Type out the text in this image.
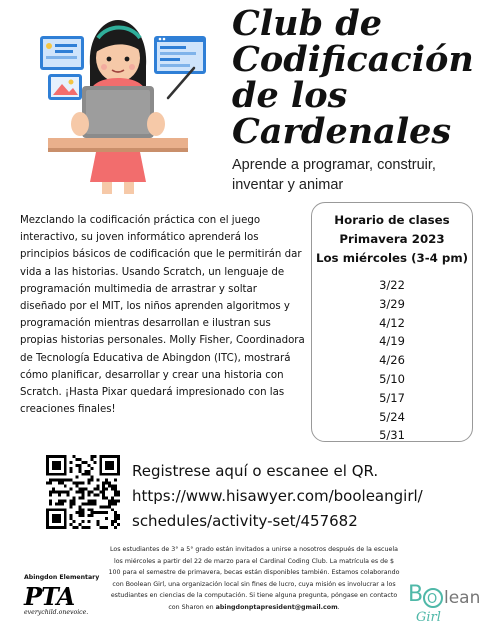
Club de
Codificación
de los
Cardenales

Aprende a programar, construir, inventar y animar

Mezclando la codificación práctica con el juego interactivo, su joven informático aprenderá los principios básicos de codificación que le permitirán dar vida a las historias. Usando Scratch, un lenguaje de programación multimedia de arrastrar y soltar diseñado por el MIT, los niños aprenden algoritmos y programación mientras desarrollan e ilustran sus propias historias personales. Molly Fisher, Coordinadora de Tecnología Educativa de Abingdon (ITC), mostrará cómo planificar, desarrollar y crear una historia con Scratch. ¡Hasta Pixar quedará impresionado con las creaciones finales!

Horario de clases
Primavera 2023
Los miércoles (3-4 pm)
3/22
3/29
4/12
4/19
4/26
5/10
5/17
5/24
5/31

Registrese aquí o escanee el QR.
https://www.hisawyer.com/booleangirl/
schedules/activity-set/457682

Los estudiantes de 3° a 5° grado están invitados a unirse a nosotros después de la escuela los miércoles a partir del 22 de marzo para el Cardinal Coding Club. La matrícula es de $ 100 para el semestre de primavera, becas están disponibles también. Estamos colaborando con Boolean Girl, una organización local sin fines de lucro, cuya misión es involucrar a los estudiantes en ciencias de la computación. Si tiene alguna pregunta, póngase en contacto con Sharon en abingdonptapresident@gmail.com.

Abingdon Elementary
PTA
everychild.onevoice.
B O lean
Girl
